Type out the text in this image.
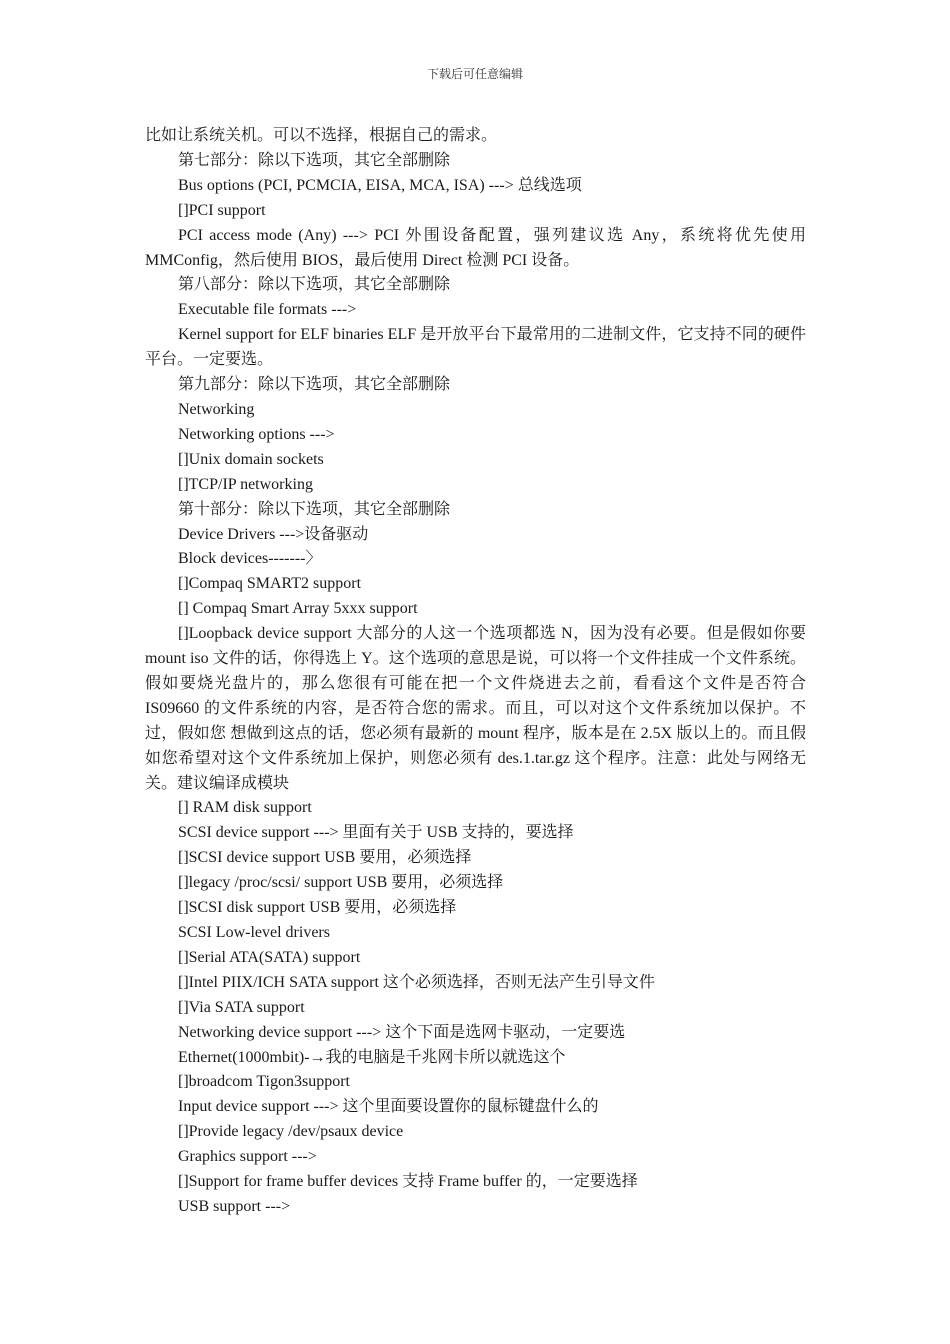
下载后可任意编辑

比如让系统关机。可以不选择，根据自己的需求。

第七部分：除以下选项，其它全部删除

Bus options (PCI, PCMCIA, EISA, MCA, ISA) ---> 总线选项

[]PCI support

PCI access mode (Any) ---> PCI 外围设备配置，强列建议选 Any，系统将优先使用 MMConfig，然后使用 BIOS，最后使用 Direct 检测 PCI 设备。

第八部分：除以下选项，其它全部删除

Executable file formats --->

Kernel support for ELF binaries ELF 是开放平台下最常用的二进制文件，它支持不同的硬件平台。一定要选。

第九部分：除以下选项，其它全部删除

Networking

Networking options --->

[]Unix domain sockets

[]TCP/IP networking

第十部分：除以下选项，其它全部删除

Device Drivers --->设备驱动

Block devices-------〉

[]Compaq SMART2 support

[] Compaq Smart Array 5xxx support

[]Loopback device support 大部分的人这一个选项都选 N，因为没有必要。但是假如你要 mount iso 文件的话，你得选上 Y。这个选项的意思是说，可以将一个文件挂成一个文件系统。假如要烧光盘片的，那么您很有可能在把一个文件烧进去之前，看看这个文件是否符合 IS09660 的文件系统的内容，是否符合您的需求。而且，可以对这个文件系统加以保护。不过，假如您 想做到这点的话，您必须有最新的 mount 程序，版本是在 2.5X 版以上的。而且假如您希望对这个文件系统加上保护，则您必须有 des.1.tar.gz 这个程序。注意：此处与网络无关。建议编译成模块

[] RAM disk support

SCSI device support ---> 里面有关于 USB 支持的，要选择

[]SCSI device support USB 要用，必须选择

[]legacy /proc/scsi/ support USB 要用，必须选择

[]SCSI disk support USB 要用，必须选择

SCSI Low-level drivers

[]Serial ATA(SATA) support

[]Intel PIIX/ICH SATA support 这个必须选择，否则无法产生引导文件

[]Via SATA support

Networking device support ---> 这个下面是选网卡驱动，一定要选

Ethernet(1000mbit)-→我的电脑是千兆网卡所以就选这个

[]broadcom Tigon3support

Input device support ---> 这个里面要设置你的鼠标键盘什么的

[]Provide legacy /dev/psaux device

Graphics support --->

[]Support for frame buffer devices 支持 Frame buffer 的，一定要选择

USB support --->
